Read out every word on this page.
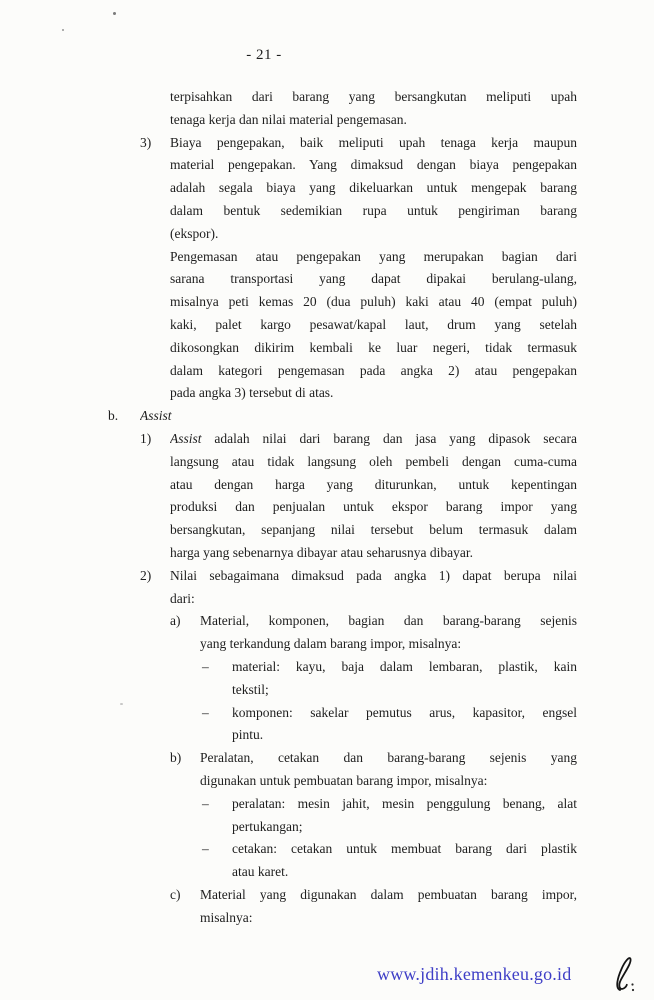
- 21 -
terpisahkan dari barang yang bersangkutan meliputi upah
tenaga kerja dan nilai material pengemasan.
3)	Biaya pengepakan, baik meliputi upah tenaga kerja maupun
material pengepakan. Yang dimaksud dengan biaya pengepakan
adalah segala biaya yang dikeluarkan untuk mengepak barang
dalam bentuk sedemikian rupa untuk pengiriman barang
(ekspor).
Pengemasan atau pengepakan yang merupakan bagian dari
sarana transportasi yang dapat dipakai berulang-ulang,
misalnya peti kemas 20 (dua puluh) kaki atau 40 (empat puluh)
kaki, palet kargo pesawat/kapal laut, drum yang setelah
dikosongkan dikirim kembali ke luar negeri, tidak termasuk
dalam kategori pengemasan pada angka 2) atau pengepakan
pada angka 3) tersebut di atas.
b.	Assist
1)	Assist adalah nilai dari barang dan jasa yang dipasok secara
langsung atau tidak langsung oleh pembeli dengan cuma-cuma
atau dengan harga yang diturunkan, untuk kepentingan
produksi dan penjualan untuk ekspor barang impor yang
bersangkutan, sepanjang nilai tersebut belum termasuk dalam
harga yang sebenarnya dibayar atau seharusnya dibayar.
2)	Nilai sebagaimana dimaksud pada angka 1) dapat berupa nilai
dari:
a)	Material, komponen, bagian dan barang-barang sejenis
yang terkandung dalam barang impor, misalnya:
–	material: kayu, baja dalam lembaran, plastik, kain
tekstil;
–	komponen: sakelar pemutus arus, kapasitor, engsel
pintu.
b)	Peralatan, cetakan dan barang-barang sejenis yang
digunakan untuk pembuatan barang impor, misalnya:
–	peralatan: mesin jahit, mesin penggulung benang, alat
pertukangan;
–	cetakan: cetakan untuk membuat barang dari plastik
atau karet.
c)	Material yang digunakan dalam pembuatan barang impor,
misalnya:
www.jdih.kemenkeu.go.id
